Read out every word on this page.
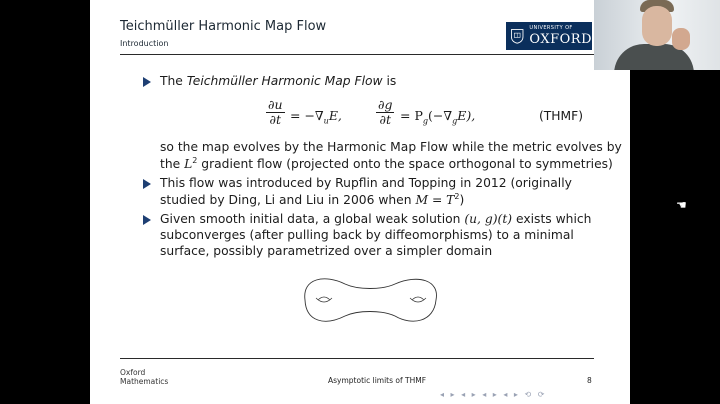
Teichmüller Harmonic Map Flow
Introduction
UNIVERSITY OF
OXFORD
The Teichmüller Harmonic Map Flow is
$\frac{\partial u}{\partial t} = -\nabla_uE$,	$\frac{\partial g}{\partial t} = P_g(-\nabla_gE)$,	(THMF)
so the map evolves by the Harmonic Map Flow while the metric evolves by
the $L^2$ gradient flow (projected onto the space orthogonal to symmetries)
This flow was introduced by Rupflin and Topping in 2012 (originally
studied by Ding, Li and Liu in 2006 when $M = T^2$)
Given smooth initial data, a global weak solution (u, g)(t) exists which
subconverges (after pulling back by diffeomorphisms) to a minimal
surface, possibly parametrized over a simpler domain
Oxford
Mathematics	Asymptotic limits of THMF	8
◂ ▸ ◂ ▸ ◂ ▸ ◂ ▸ ⟲ ⟳
☚
